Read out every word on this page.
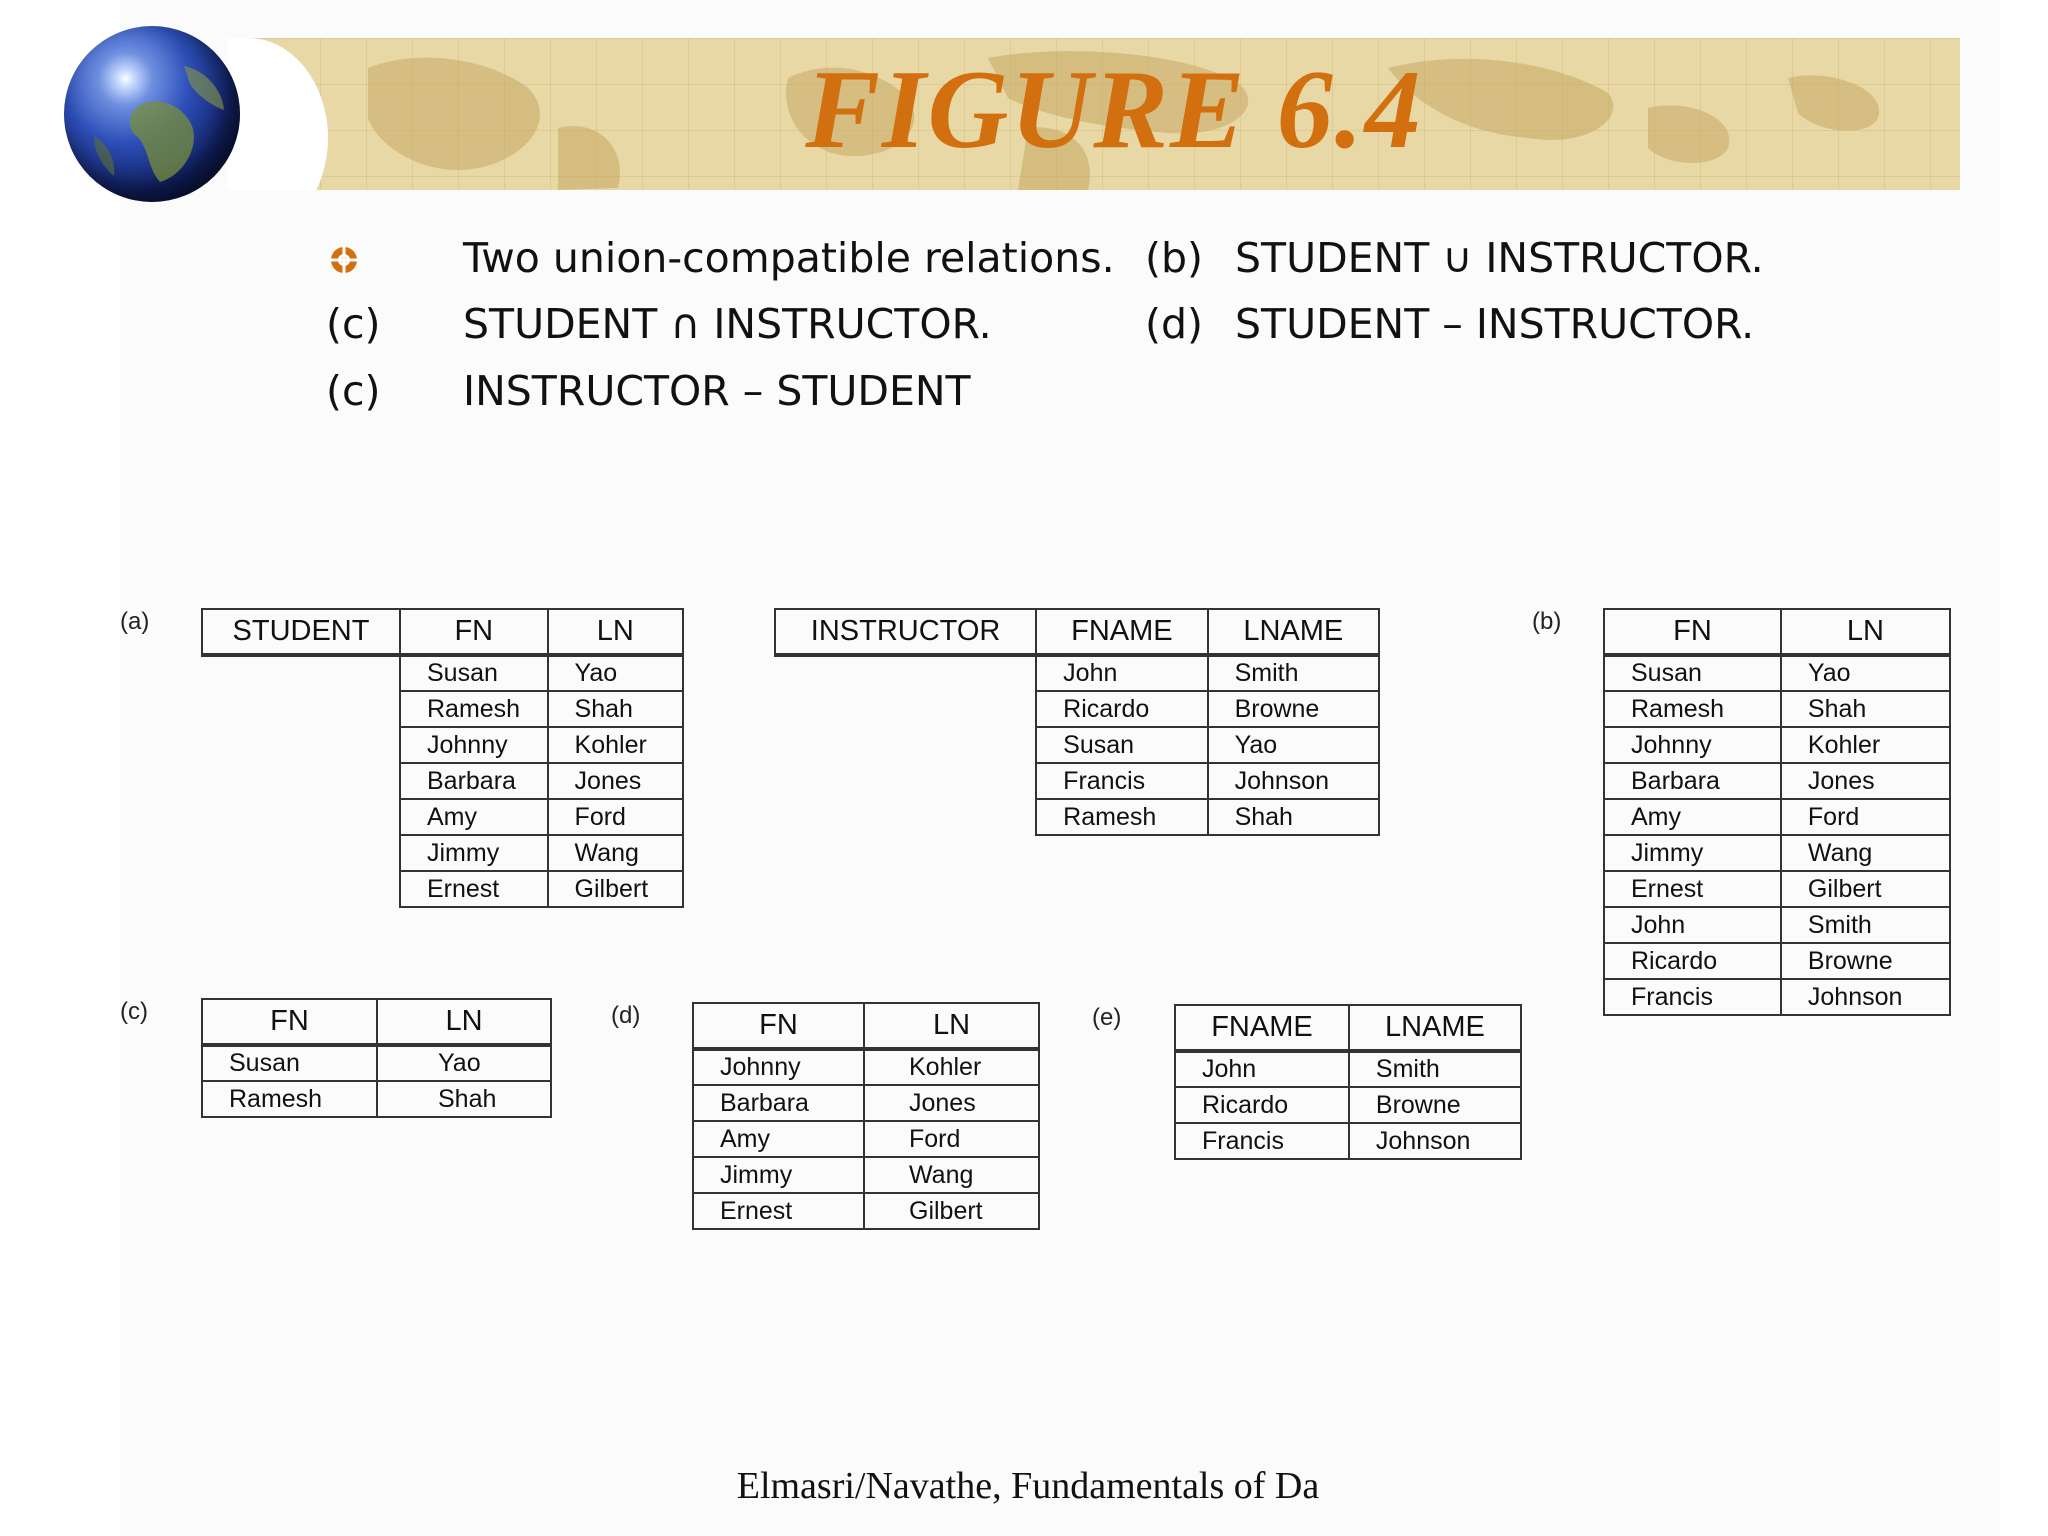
FIGURE 6.4
Two union-compatible relations. (b) STUDENT ∪ INSTRUCTOR.
(c) STUDENT ∩ INSTRUCTOR.	(d) STUDENT – INSTRUCTOR.
(c) INSTRUCTOR – STUDENT
(a)	(b)
(c)	(d)	(e)
STUDENT	FN	LN
	Susan	Yao
	Ramesh	Shah
	Johnny	Kohler
	Barbara	Jones
	Amy	Ford
	Jimmy	Wang
	Ernest	Gilbert
INSTRUCTOR	FNAME	LNAME
	John	Smith
	Ricardo	Browne
	Susan	Yao
	Francis	Johnson
	Ramesh	Shah
FN	LN
Susan	Yao
Ramesh	Shah
Johnny	Kohler
Barbara	Jones
Amy	Ford
Jimmy	Wang
Ernest	Gilbert
John	Smith
Ricardo	Browne
Francis	Johnson
FN	LN
Susan	Yao
Ramesh	Shah
FN	LN
Johnny	Kohler
Barbara	Jones
Amy	Ford
Jimmy	Wang
Ernest	Gilbert
FNAME	LNAME
John	Smith
Ricardo	Browne
Francis	Johnson
Elmasri/Navathe, Fundamentals of Da
